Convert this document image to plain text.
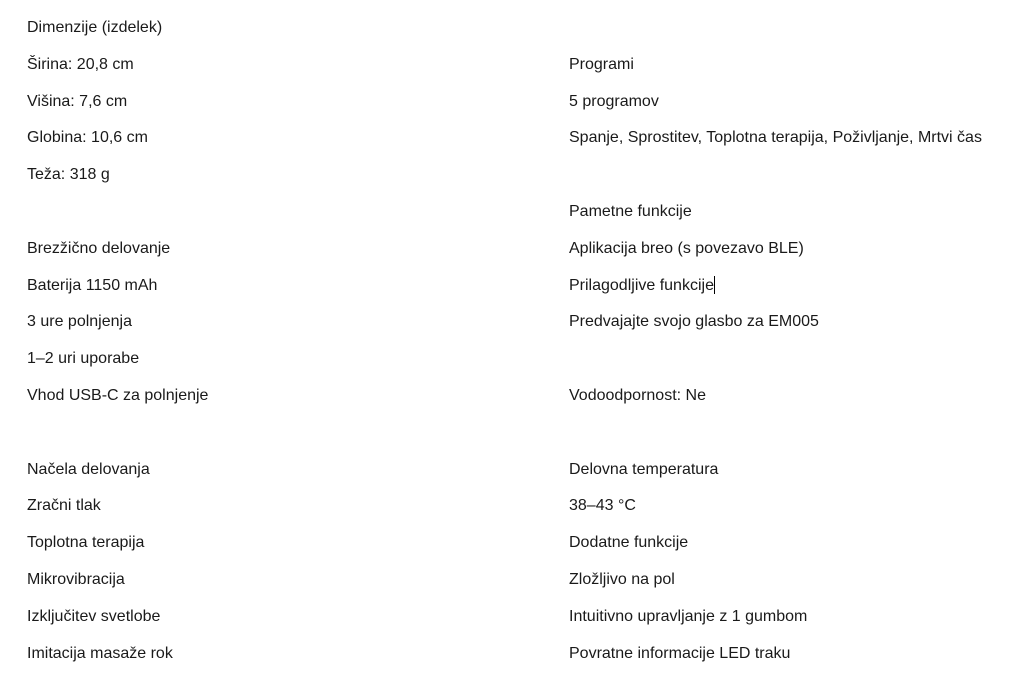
Dimenzije (izdelek)
Širina: 20,8 cm
Višina: 7,6 cm
Globina: 10,6 cm
Teža: 318 g
Brezžično delovanje
Baterija 1150 mAh
3 ure polnjenja
1–2 uri uporabe
Vhod USB-C za polnjenje
Načela delovanja
Zračni tlak
Toplotna terapija
Mikrovibracija
Izključitev svetlobe
Imitacija masaže rok
Programi
5 programov
Spanje, Sprostitev, Toplotna terapija, Poživljanje, Mrtvi čas
Pametne funkcije
Aplikacija breo (s povezavo BLE)
Prilagodljive funkcije
Predvajajte svojo glasbo za EM005
Vodoodpornost: Ne
Delovna temperatura
38–43 °C
Dodatne funkcije
Zložljivo na pol
Intuitivno upravljanje z 1 gumbom
Povratne informacije LED traku
